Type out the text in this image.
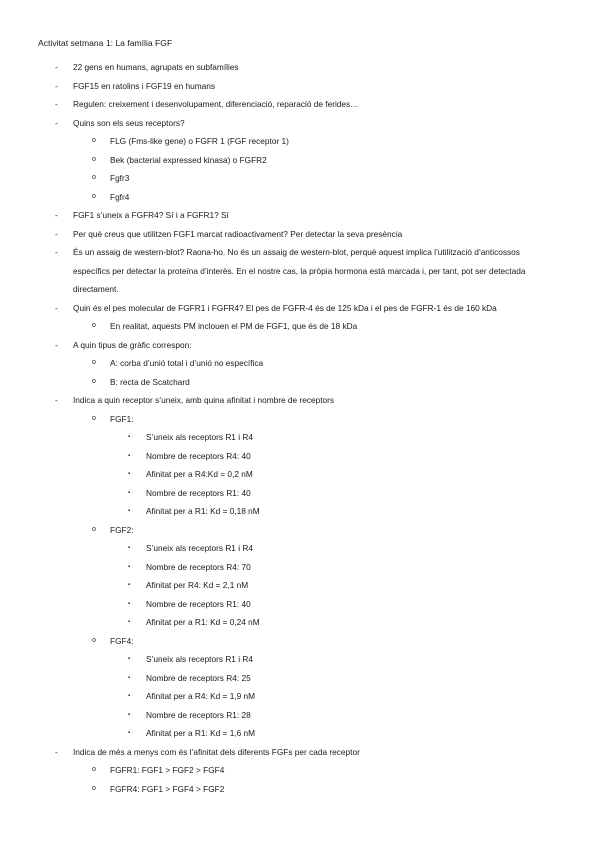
Activitat setmana 1: La família FGF
- 22 gens en humans, agrupats en subfamílies
- FGF15 en ratolins i FGF19 en humans
- Regulen: creixement i desenvolupament, diferenciació, reparació de ferides…
- Quins son els seus receptors?
o FLG (Fms-like gene) o FGFR 1 (FGF receptor 1)
o Bek (bacterial expressed kinasa) o FGFR2
o Fgfr3
o Fgfr4
- FGF1 s’uneix a FGFR4? Sí i a FGFR1? Sí
- Per què creus que utilitzen FGF1 marcat radioactivament? Per detectar la seva presència
- És un assaig de western-blot? Raona-ho. No és un assaig de western-blot, perquè aquest implica l’utilització d’anticossos específics per detectar la proteïna d’interès. En el nostre cas, la pròpia hormona està marcada i, per tant, pot ser detectada directament.
- Quin és el pes molecular de FGFR1 i FGFR4? El pes de FGFR-4 és de 125 kDa i el pes de FGFR-1 és de 160 kDa
o En realitat, aquests PM inclouen el PM de FGF1, que és de 18 kDa
- A quin tipus de gràfic correspon:
o A: corba d’unió total i d’unió no específica
o B: recta de Scatchard
- Indica a quin receptor s’uneix, amb quina afinitat i nombre de receptors
o FGF1:
▪ S’uneix als receptors R1 i R4
▪ Nombre de receptors R4: 40
▪ Afinitat per a R4:Kd = 0,2 nM
▪ Nombre de receptors R1: 40
▪ Afinitat per a R1: Kd = 0,18 nM
o FGF2:
▪ S’uneix als receptors R1 i R4
▪ Nombre de receptors R4: 70
▪ Afinitat per R4: Kd = 2,1 nM
▪ Nombre de receptors R1: 40
▪ Afinitat per a R1: Kd = 0,24 nM
o FGF4:
▪ S’uneix als receptors R1 i R4
▪ Nombre de receptors R4: 25
▪ Afinitat per a R4: Kd = 1,9 nM
▪ Nombre de receptors R1: 28
▪ Afinitat per a R1: Kd = 1,6 nM
- Indica de més a menys com és l’afinitat dels diferents FGFs per cada receptor
o FGFR1: FGF1 > FGF2 > FGF4
o FGFR4: FGF1 > FGF4 > FGF2
